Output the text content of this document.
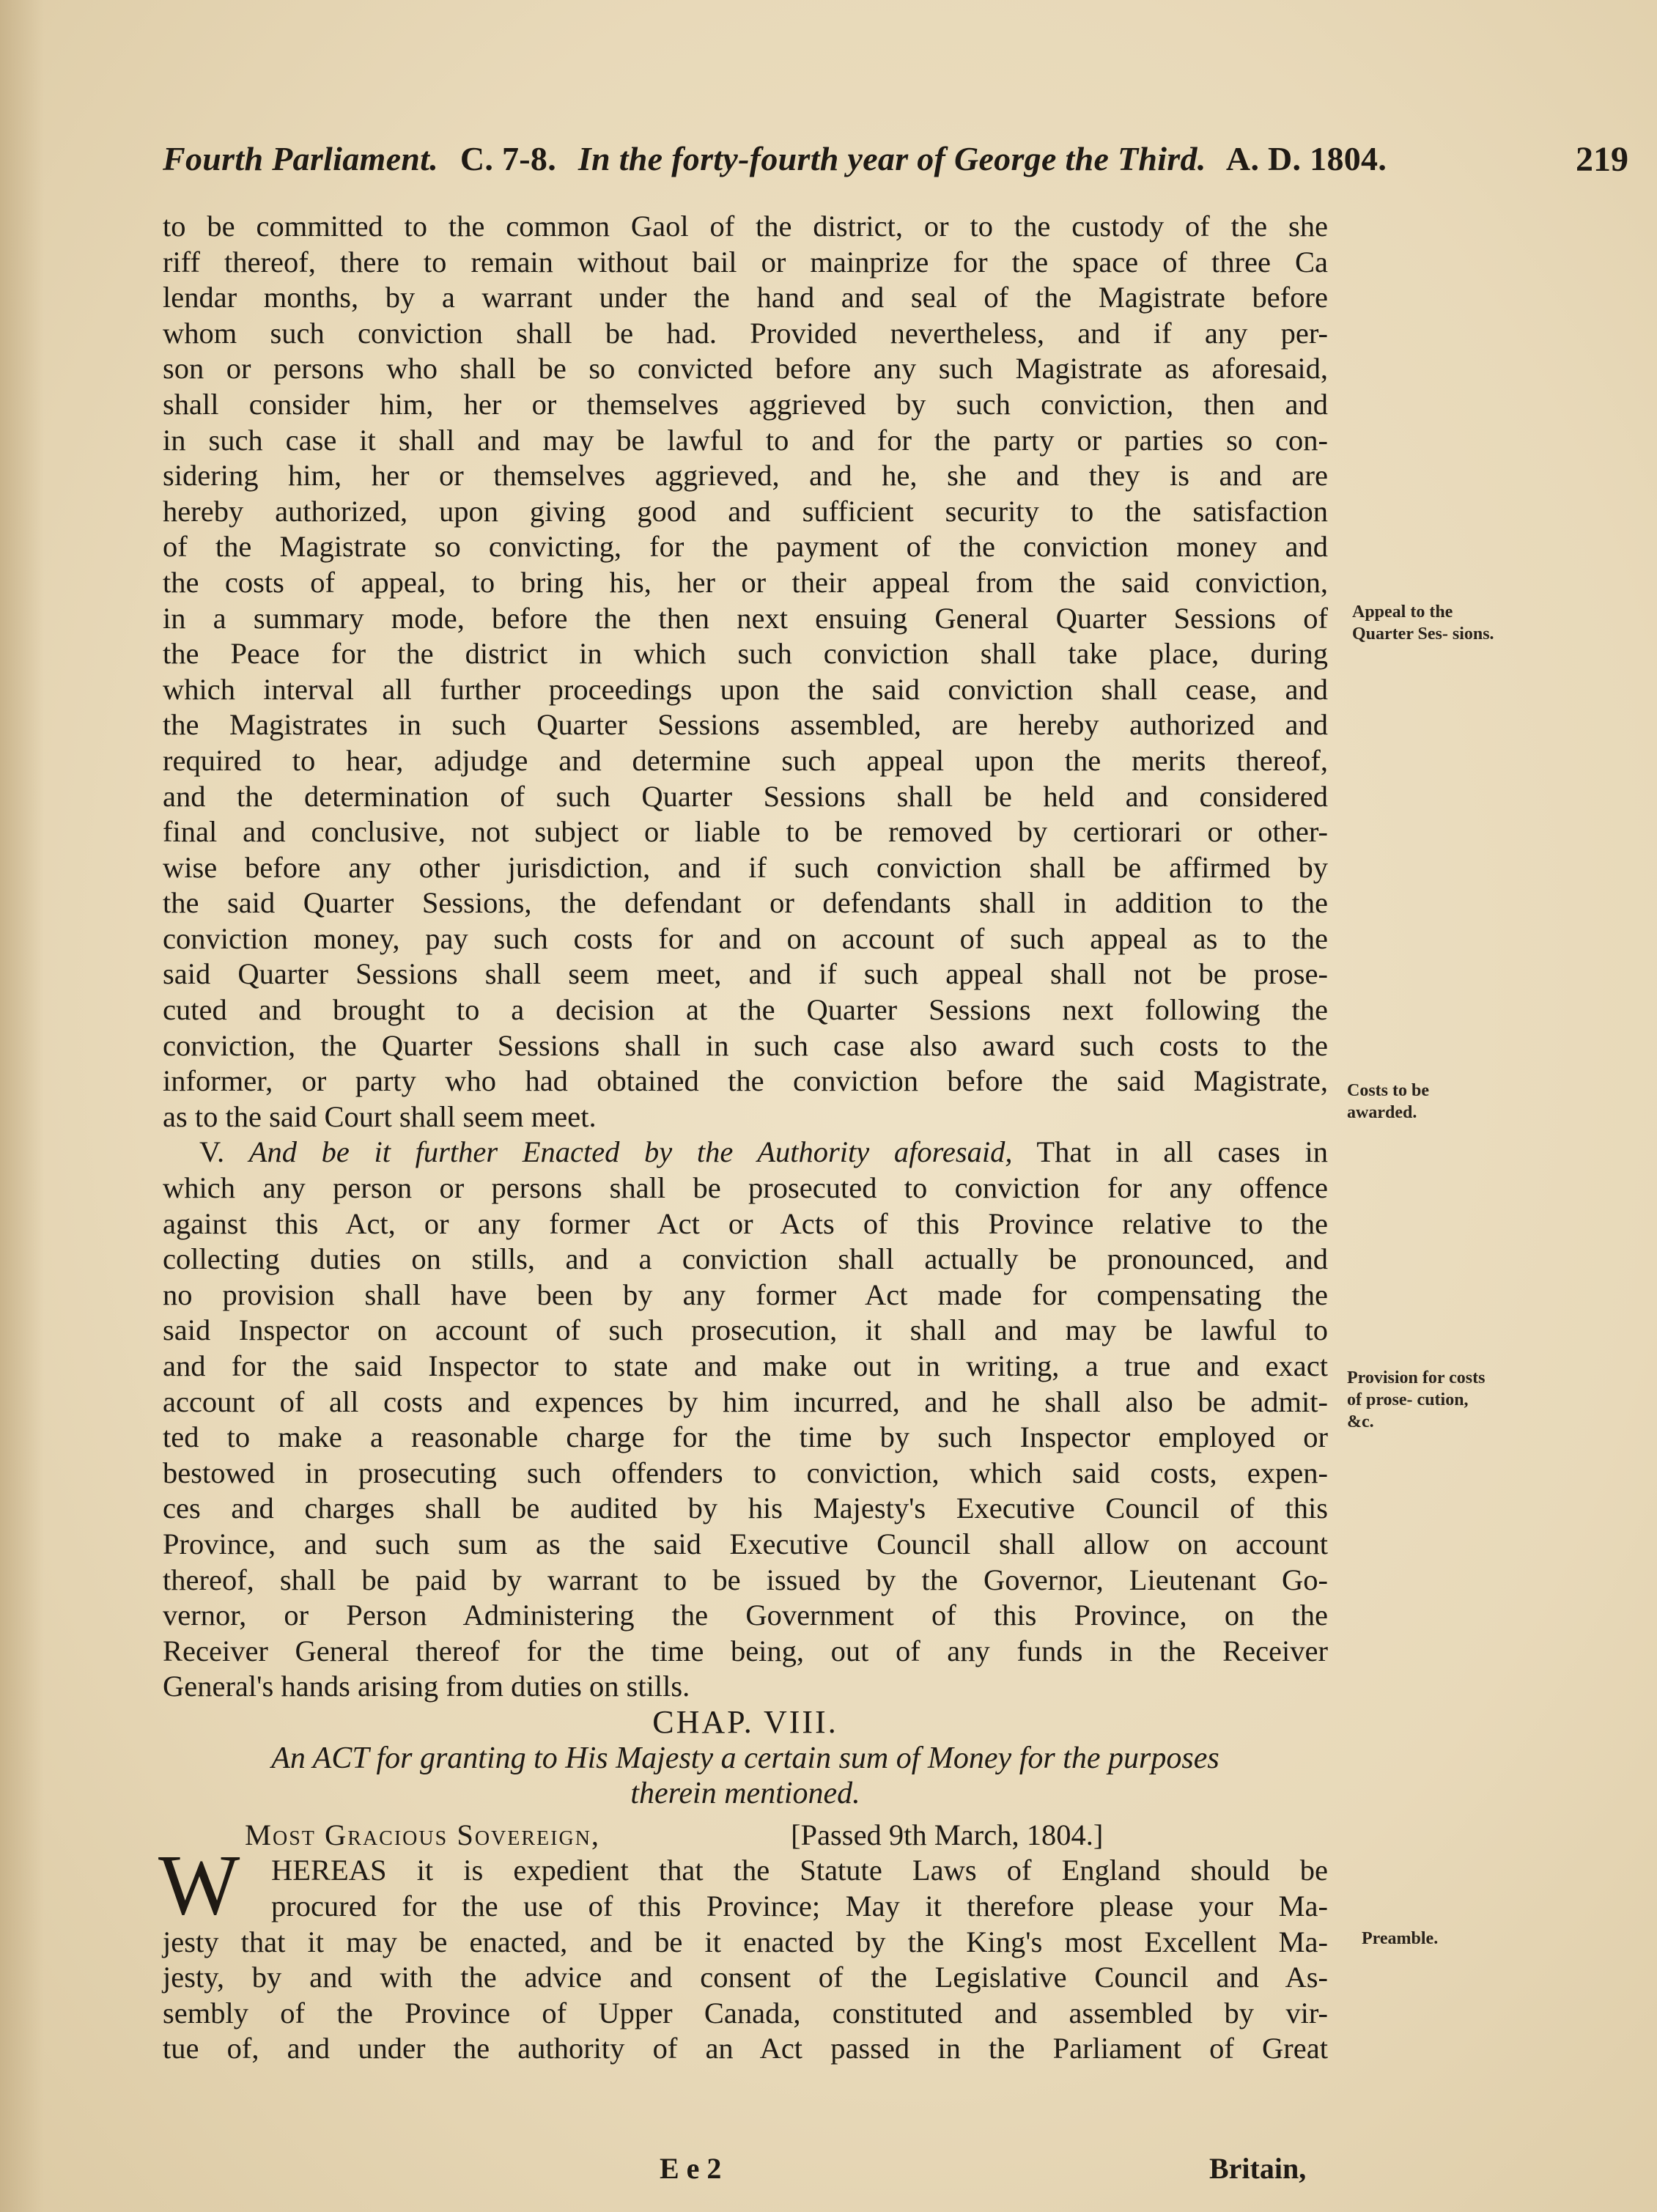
Fourth Parliament. C. 7-8. In the forty-fourth year of George the Third. A. D. 1804.	219
to be committed to the common Gaol of the district, or to the custody of the she
riff thereof, there to remain without bail or mainprize for the space of three Ca
lendar months, by a warrant under the hand and seal of the Magistrate before
whom such conviction shall be had. Provided nevertheless, and if any per-
son or persons who shall be so convicted before any such Magistrate as aforesaid,
shall consider him, her or themselves aggrieved by such conviction, then and
in such case it shall and may be lawful to and for the party or parties so con-
sidering him, her or themselves aggrieved, and he, she and they is and are
hereby authorized, upon giving good and sufficient security to the satisfaction
of the Magistrate so convicting, for the payment of the conviction money and
the costs of appeal, to bring his, her or their appeal from the said conviction,
in a summary mode, before the then next ensuing General Quarter Sessions of
the Peace for the district in which such conviction shall take place, during
which interval all further proceedings upon the said conviction shall cease, and
the Magistrates in such Quarter Sessions assembled, are hereby authorized and
required to hear, adjudge and determine such appeal upon the merits thereof,
and the determination of such Quarter Sessions shall be held and considered
final and conclusive, not subject or liable to be removed by certiorari or other-
wise before any other jurisdiction, and if such conviction shall be affirmed by
the said Quarter Sessions, the defendant or defendants shall in addition to the
conviction money, pay such costs for and on account of such appeal as to the
said Quarter Sessions shall seem meet, and if such appeal shall not be prose-
cuted and brought to a decision at the Quarter Sessions next following the
conviction, the Quarter Sessions shall in such case also award such costs to the
informer, or party who had obtained the conviction before the said Magistrate,
as to the said Court shall seem meet.
V. And be it further Enacted by the Authority aforesaid, That in all cases in
which any person or persons shall be prosecuted to conviction for any offence
against this Act, or any former Act or Acts of this Province relative to the
collecting duties on stills, and a conviction shall actually be pronounced, and
no provision shall have been by any former Act made for compensating the
said Inspector on account of such prosecution, it shall and may be lawful to
and for the said Inspector to state and make out in writing, a true and exact
account of all costs and expences by him incurred, and he shall also be admit-
ted to make a reasonable charge for the time by such Inspector employed or
bestowed in prosecuting such offenders to conviction, which said costs, expen-
ces and charges shall be audited by his Majesty's Executive Council of this
Province, and such sum as the said Executive Council shall allow on account
thereof, shall be paid by warrant to be issued by the Governor, Lieutenant Go-
vernor, or Person Administering the Government of this Province, on the
Receiver General thereof for the time being, out of any funds in the Receiver
General's hands arising from duties on stills.
CHAP. VIII.
An ACT for granting to His Majesty a certain sum of Money for the purposes
therein mentioned.
Most Gracious Sovereign,	[Passed 9th March, 1804.]
W HEREAS it is expedient that the Statute Laws of England should be
procured for the use of this Province; May it therefore please your Ma-
jesty that it may be enacted, and be it enacted by the King's most Excellent Ma-
jesty, by and with the advice and consent of the Legislative Council and As-
sembly of the Province of Upper Canada, constituted and assembled by vir-
tue of, and under the authority of an Act passed in the Parliament of Great
Appeal to the Quarter Ses- sions.
Costs to be awarded.
Provision for costs of prose- cution, &c.
Preamble.
E e 2	Britain,
